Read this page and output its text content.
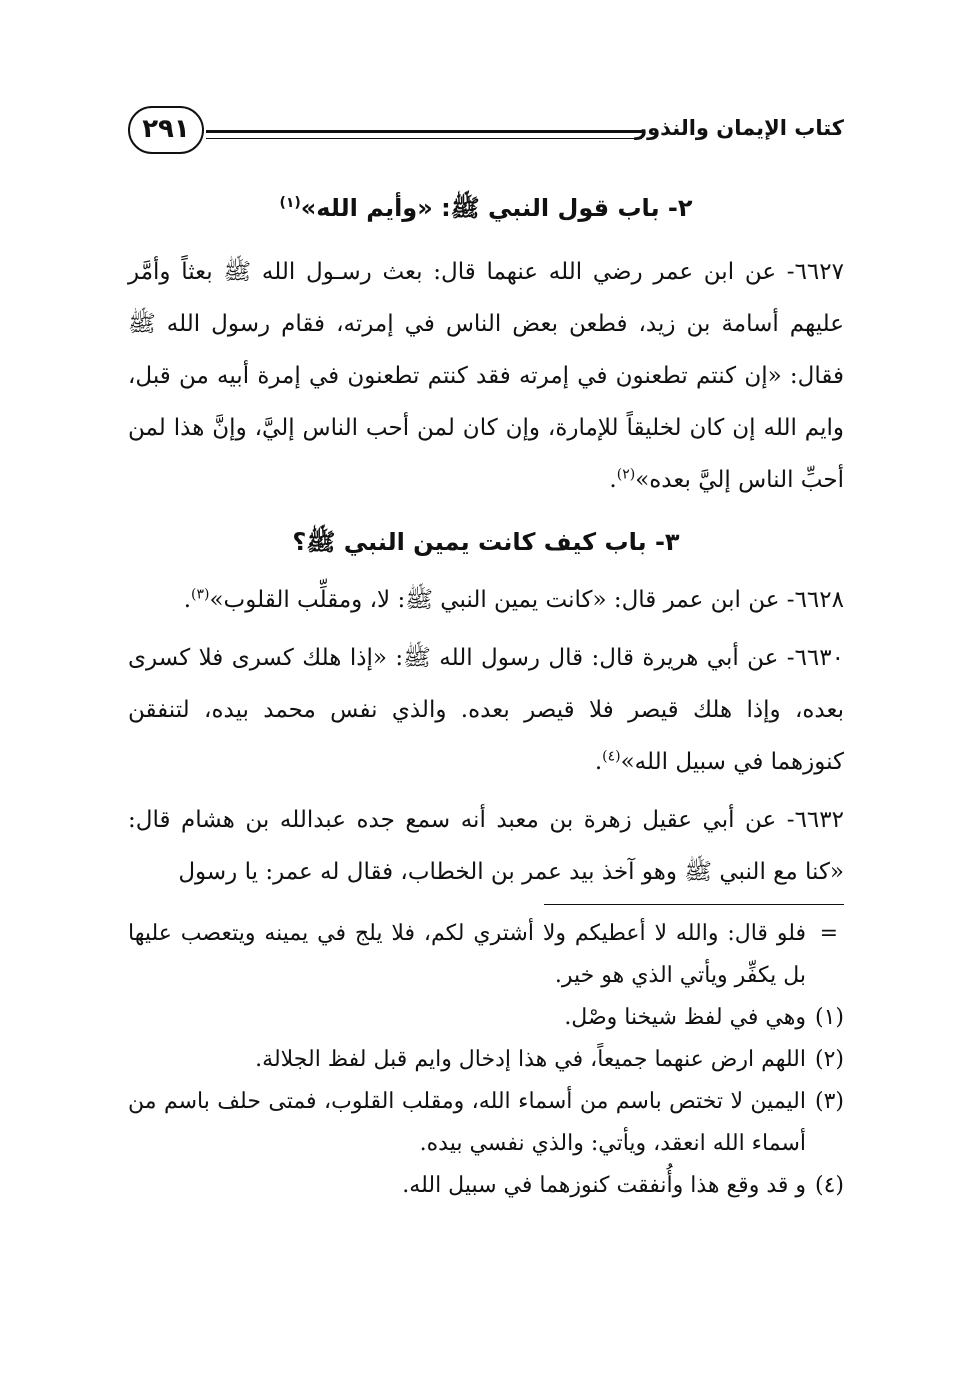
كتاب الإيمان والنذور
٢٩١
٢- باب قول النبي ﷺ: «وأيم الله»$^{(١)}$

٦٦٢٧- عن ابن عمر رضي الله عنهما قال: بعث رسـول الله ﷺ بعثاً وأمَّر عليهم أسامة بن زيد، فطعن بعض الناس في إمرته، فقام رسول الله ﷺ فقال: «إن كنتم تطعنون في إمرته فقد كنتم تطعنون في إمرة أبيه من قبل، وايم الله إن كان لخليقاً للإمارة، وإن كان لمن أحب الناس إليَّ، وإنَّ هذا لمن أحبِّ الناس إليَّ بعده»$^{(٢)}$.

٣- باب كيف كانت يمين النبي ﷺ؟

٦٦٢٨- عن ابن عمر قال: «كانت يمين النبي ﷺ: لا، ومقلِّب القلوب»$^{(٣)}$.

٦٦٣٠- عن أبي هريرة قال: قال رسول الله ﷺ: «إذا هلك كسرى فلا كسرى بعده، وإذا هلك قيصر فلا قيصر بعده. والذي نفس محمد بيده، لتنفقن كنوزهما في سبيل الله»$^{(٤)}$.

٦٦٣٢- عن أبي عقيل زهرة بن معبد أنه سمع جده عبدالله بن هشام قال: «كنا مع النبي ﷺ وهو آخذ بيد عمر بن الخطاب، فقال له عمر: يا رسول

=
فلو قال: والله لا أعطيكم ولا أشتري لكم، فلا يلج في يمينه ويتعصب عليها بل يكفِّر ويأتي الذي هو خير.
(١)
وهي في لفظ شيخنا وصْل.
(٢)
اللهم ارض عنهما جميعاً، في هذا إدخال وايم قبل لفظ الجلالة.
(٣)
اليمين لا تختص باسم من أسماء الله، ومقلب القلوب، فمتى حلف باسم من أسماء الله انعقد، ويأتي: والذي نفسي بيده.
(٤)
و قد وقع هذا وأُنفقت كنوزهما في سبيل الله.
